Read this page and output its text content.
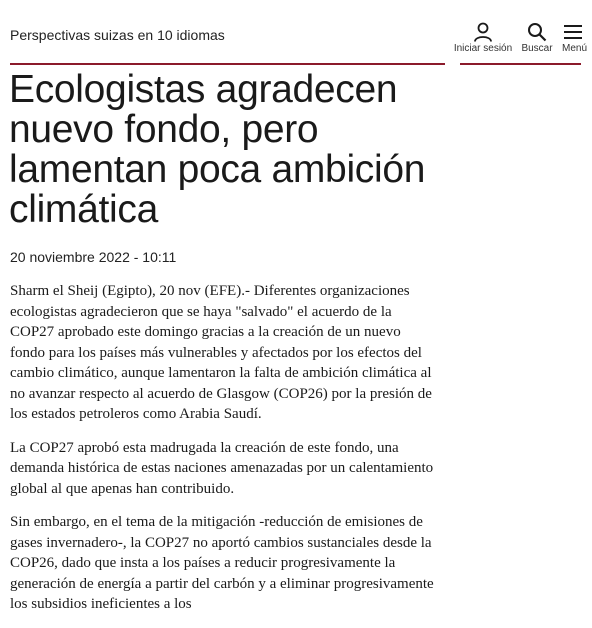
Perspectivas suizas en 10 idiomas
Iniciar sesión Buscar Menú
Ecologistas agradecen nuevo fondo, pero lamentan poca ambición climática
20 noviembre 2022 - 10:11

Sharm el Sheij (Egipto), 20 nov (EFE).- Diferentes organizaciones ecologistas agradecieron que se haya "salvado" el acuerdo de la COP27 aprobado este domingo gracias a la creación de un nuevo fondo para los países más vulnerables y afectados por los efectos del cambio climático, aunque lamentaron la falta de ambición climática al no avanzar respecto al acuerdo de Glasgow (COP26) por la presión de los estados petroleros como Arabia Saudí.

La COP27 aprobó esta madrugada la creación de este fondo, una demanda histórica de estas naciones amenazadas por un calentamiento global al que apenas han contribuido.

Sin embargo, en el tema de la mitigación -reducción de emisiones de gases invernadero-, la COP27 no aportó cambios sustanciales desde la COP26, dado que insta a los países a reducir progresivamente la generación de energía a partir del carbón y a eliminar progresivamente los subsidios ineficientes a los
